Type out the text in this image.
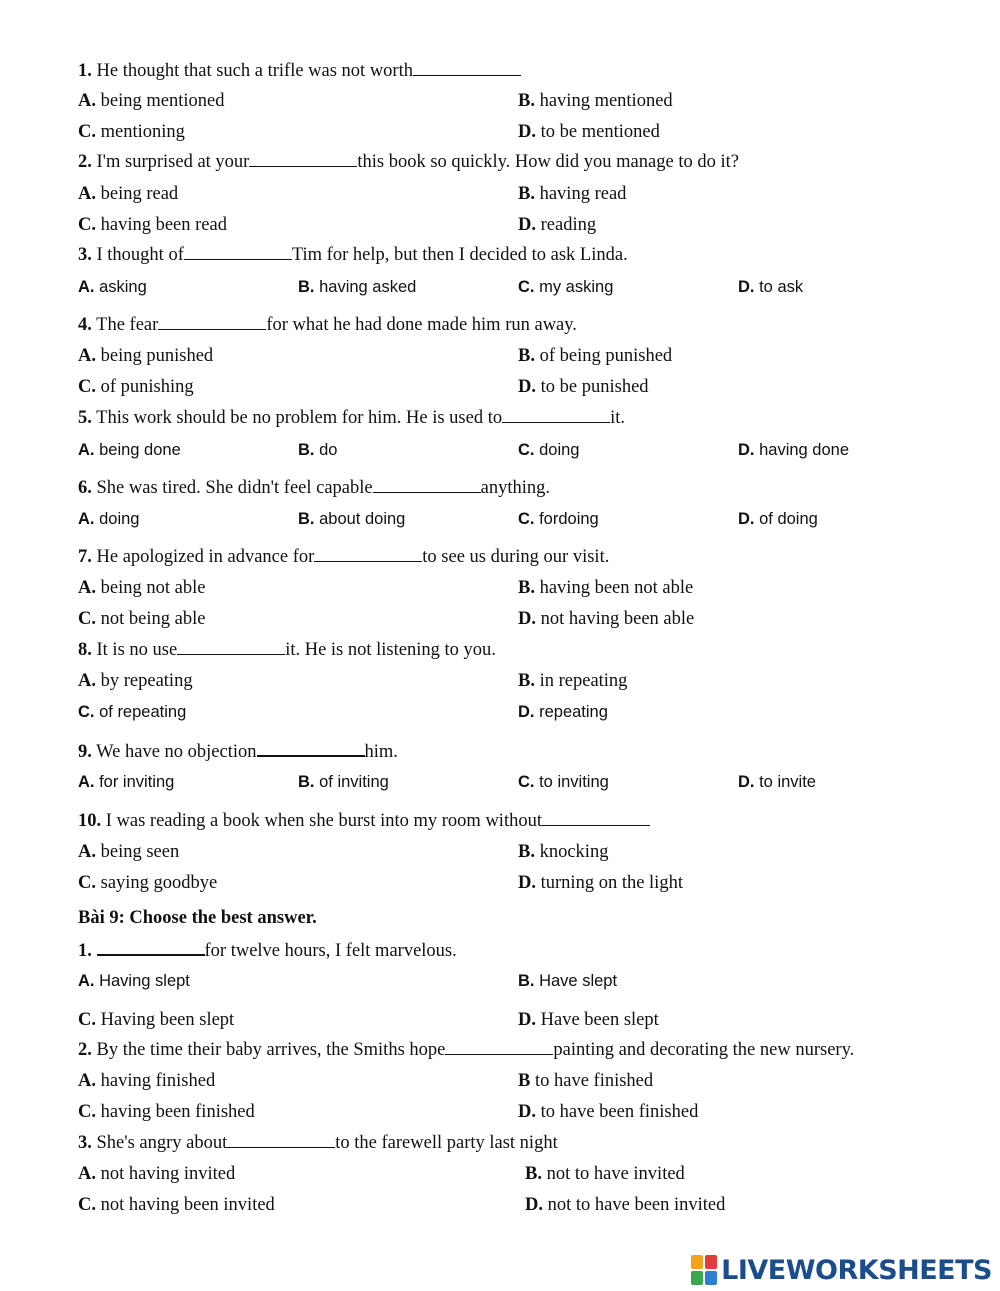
1. He thought that such a trifle was not worth
A. being mentioned	B. having mentioned
C. mentioning	D. to be mentioned
2. I'm surprised at your	this book so quickly. How did you manage to do it?
A. being read	B. having read
C. having been read	D. reading
3. I thought of	Tim for help, but then I decided to ask Linda.
A. asking	B. having asked	C. my asking	D. to ask
4. The fear	for what he had done made him run away.
A. being punished	B. of being punished
C. of punishing	D. to be punished
5. This work should be no problem for him. He is used to	it.
A. being done	B. do	C. doing	D. having done
6. She was tired. She didn't feel capable	anything.
A. doing	B. about doing	C. fordoing	D. of doing
7. He apologized in advance for	to see us during our visit.
A. being not able	B. having been not able
C. not being able	D. not having been able
8. It is no use	it. He is not listening to you.
A. by repeating	B. in repeating
C. of repeating	D. repeating
9. We have no objection	him.
A. for inviting	B. of inviting	C. to inviting	D. to invite
10. I was reading a book when she burst into my room without
A. being seen	B. knocking
C. saying goodbye	D. turning on the light
Bài 9: Choose the best answer.
1.	for twelve hours, I felt marvelous.
A. Having slept	B. Have slept
C. Having been slept	D. Have been slept
2. By the time their baby arrives, the Smiths hope	painting and decorating the new nursery.
A. having finished	B to have finished
C. having been finished	D. to have been finished
3. She's angry about	to the farewell party last night
A. not having invited	B. not to have invited
C. not having been invited	D. not to have been invited
LIVEWORKSHEETS
